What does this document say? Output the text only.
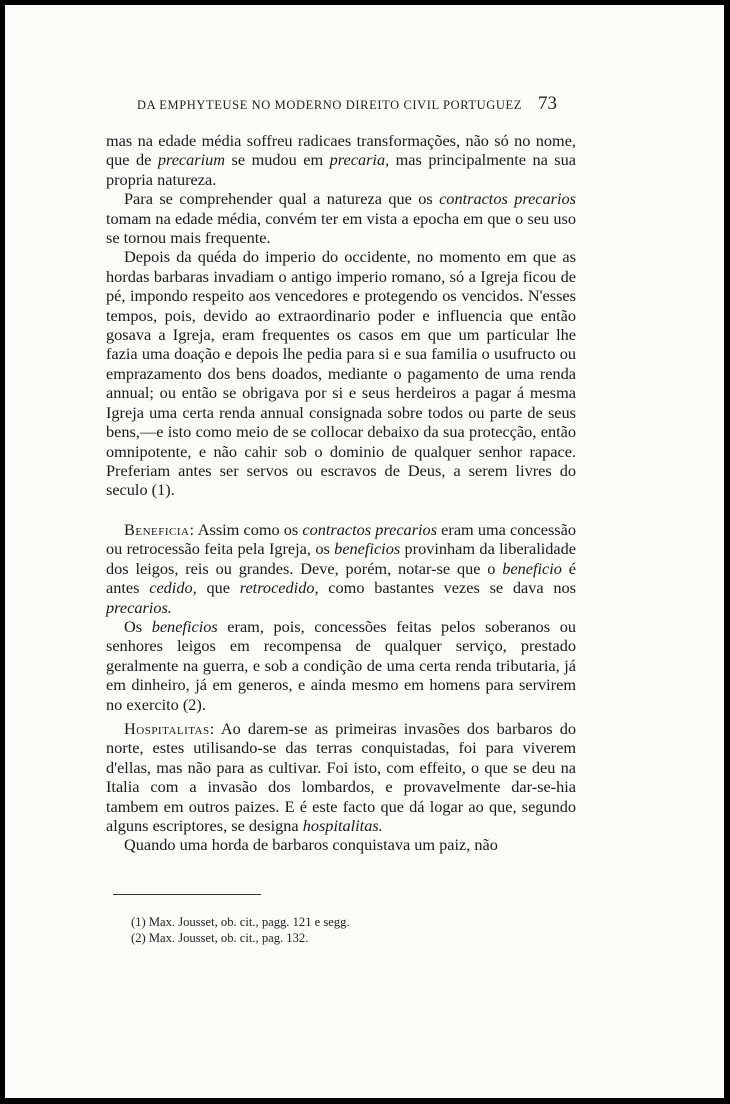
DA EMPHYTEUSE NO MODERNO DIREITO CIVIL PORTUGUEZ 73

mas na edade média soffreu radicaes transformações, não só no nome, que de precarium se mudou em precaria, mas principalmente na sua propria natureza.

Para se comprehender qual a natureza que os contractos precarios tomam na edade média, convém ter em vista a epocha em que o seu uso se tornou mais frequente.

Depois da quéda do imperio do occidente, no momento em que as hordas barbaras invadiam o antigo imperio romano, só a Igreja ficou de pé, impondo respeito aos vencedores e protegendo os vencidos. N'esses tempos, pois, devido ao extraordinario poder e influencia que então gosava a Igreja, eram frequentes os casos em que um particular lhe fazia uma doação e depois lhe pedia para si e sua familia o usufructo ou emprazamento dos bens doados, mediante o pagamento de uma renda annual; ou então se obrigava por si e seus herdeiros a pagar á mesma Igreja uma certa renda annual consignada sobre todos ou parte de seus bens,—e isto como meio de se collocar debaixo da sua protecção, então omnipotente, e não cahir sob o dominio de qualquer senhor rapace. Preferiam antes ser servos ou escravos de Deus, a serem livres do seculo (1).

Beneficia: Assim como os contractos precarios eram uma concessão ou retrocessão feita pela Igreja, os beneficios provinham da liberalidade dos leigos, reis ou grandes. Deve, porém, notar-se que o beneficio é antes cedido, que retrocedido, como bastantes vezes se dava nos precarios.

Os beneficios eram, pois, concessões feitas pelos soberanos ou senhores leigos em recompensa de qualquer serviço, prestado geralmente na guerra, e sob a condição de uma certa renda tributaria, já em dinheiro, já em generos, e ainda mesmo em homens para servirem no exercito (2).

Hospitalitas: Ao darem-se as primeiras invasões dos barbaros do norte, estes utilisando-se das terras conquistadas, foi para viverem d'ellas, mas não para as cultivar. Foi isto, com effeito, o que se deu na Italia com a invasão dos lombardos, e provavelmente dar-se-hia tambem em outros paizes. E é este facto que dá logar ao que, segundo alguns escriptores, se designa hospitalitas.

Quando uma horda de barbaros conquistava um paiz, não

(1) Max. Jousset, ob. cit., pagg. 121 e segg.
(2) Max. Jousset, ob. cit., pag. 132.
